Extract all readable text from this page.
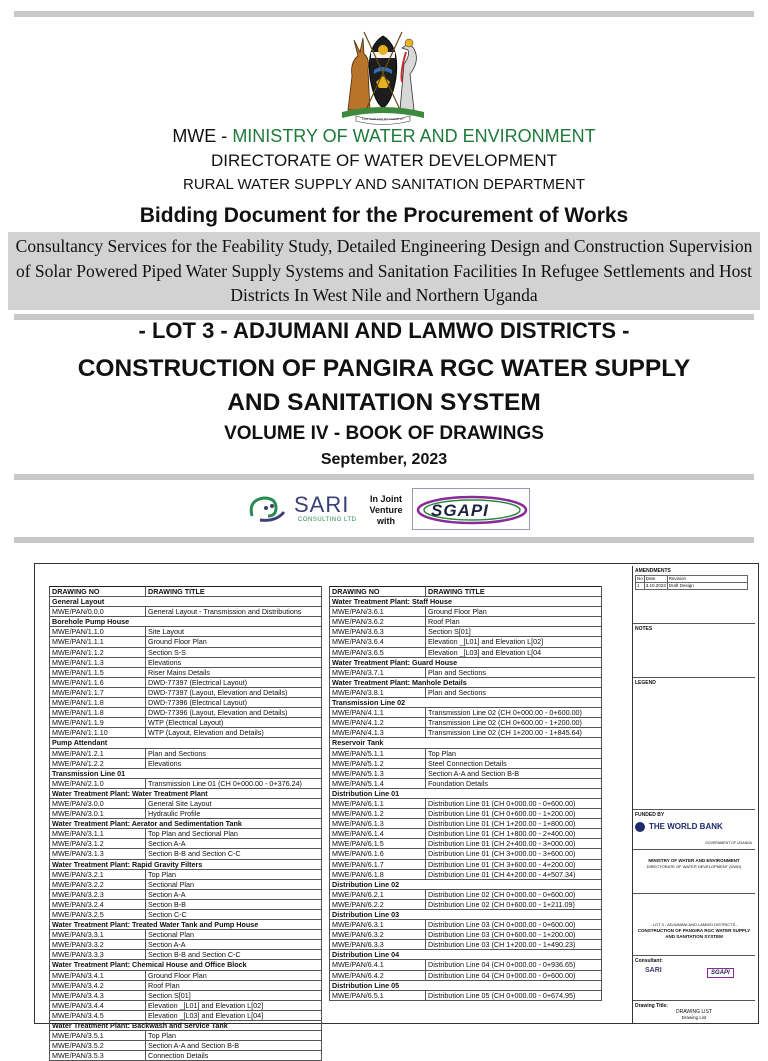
FOR GOD AND MY COUNTRY
MWE - MINISTRY OF WATER AND ENVIRONMENT
DIRECTORATE OF WATER DEVELOPMENT
RURAL WATER SUPPLY AND SANITATION DEPARTMENT
Bidding Document for the Procurement of Works
Consultancy Services for the Feability Study, Detailed Engineering Design and Construction Supervision of Solar Powered Piped Water Supply Systems and Sanitation Facilities In Refugee Settlements and Host Districts In West Nile and Northern Uganda
- LOT 3 - ADJUMANI AND LAMWO DISTRICTS -
CONSTRUCTION OF PANGIRA RGC WATER SUPPLY
AND SANITATION SYSTEM
VOLUME IV - BOOK OF DRAWINGS
September, 2023
SARI
CONSULTING LTD
In Joint Venture with
SGAPI
DRAWING NO	DRAWING TITLE
General Layout	
MWE/PAN/0.0.0	General Layout - Transmission and Distributions
Borehole Pump House	
MWE/PAN/1.1.0	Site Layout
MWE/PAN/1.1.1	Ground Floor Plan
MWE/PAN/1.1.2	Section S-S
MWE/PAN/1.1.3	Elevations
MWE/PAN/1.1.5	Riser Mains Details
MWE/PAN/1.1.6	DWD-77397 (Electrical Layout)
MWE/PAN/1.1.7	DWD-77397 (Layout, Elevation and Details)
MWE/PAN/1.1.8	DWD-77396 (Electrical Layout)
MWE/PAN/1.1.8	DWD-77396 (Layout, Elevation and Details)
MWE/PAN/1.1.9	WTP (Electrical Layout)
MWE/PAN/1.1.10	WTP (Layout, Elevation and Details)
Pump Attendant	
MWE/PAN/1.2.1	Plan and Sections
MWE/PAN/1.2.2	Elevations
Transmission Line 01	
MWE/PAN/2.1.0	Transmission Line 01 (CH 0+000.00 - 0+376.24)
Water Treatment Plant: Water Treatment Plant	
MWE/PAN/3.0.0	General Site Layout
MWE/PAN/3.0.1	Hydraulic Profile
Water Treatment Plant: Aerator and Sedimentation Tank	
MWE/PAN/3.1.1	Top Plan and Sectional Plan
MWE/PAN/3.1.2	Section A-A
MWE/PAN/3.1.3	Section B-B and Section C-C
Water Treatment Plant: Rapid Gravity Filters	
MWE/PAN/3.2.1	Top Plan
MWE/PAN/3.2.2	Sectional Plan
MWE/PAN/3.2.3	Section A-A
MWE/PAN/3.2.4	Section B-B
MWE/PAN/3.2.5	Section C-C
Water Treatment Plant: Treated Water Tank and Pump House	
MWE/PAN/3.3.1	Sectional Plan
MWE/PAN/3.3.2	Section A-A
MWE/PAN/3.3.3	Section B-B and Section C-C
Water Treatment Plant: Chemical House and Office Block	
MWE/PAN/3.4.1	Ground Floor Plan
MWE/PAN/3.4.2	Roof Plan
MWE/PAN/3.4.3	Section S[01]
MWE/PAN/3.4.4	Elevation _[L01] and Elevation L[02]
MWE/PAN/3.4.5	Elevation _[L03] and Elevation L[04]
Water Treatment Plant: Backwash and Service Tank	
MWE/PAN/3.5.1	Top Plan
MWE/PAN/3.5.2	Section A-A and Section B-B
MWE/PAN/3.5.3	Connection Details
DRAWING NO	DRAWING TITLE
Water Treatment Plant: Staff House	
MWE/PAN/3.6.1	Ground Floor Plan
MWE/PAN/3.6.2	Roof Plan
MWE/PAN/3.6.3	Section S[01]
MWE/PAN/3.6.4	Elevation _[L01] and Elevation L[02]
MWE/PAN/3.6.5	Elevation _[L03] and Elevation L[04
Water Treatment Plant: Guard House	
MWE/PAN/3.7.1	Plan and Sections
Water Treatment Plant: Manhole Details	
MWE/PAN/3.8.1	Plan and Sections
Transmission Line 02	
MWE/PAN/4.1.1	Transmission Line 02 (CH 0+000.00 - 0+600.00)
MWE/PAN/4.1.2	Transmission Line 02 (CH 0+600.00 - 1+200.00)
MWE/PAN/4.1.3	Transmission Line 02 (CH 1+200.00 - 1+845.64)
Reservoir Tank	
MWE/PAN/5.1.1	Top Plan
MWE/PAN/5.1.2	Steel Connection Details
MWE/PAN/5.1.3	Section A-A and Section B-B
MWE/PAN/5.1.4	Foundation Details
Distribution Line 01	
MWE/PAN/6.1.1	Distribution Line 01 (CH 0+000.00 - 0+600.00)
MWE/PAN/6.1.2	Distribution Line 01 (CH 0+600.00 - 1+200.00)
MWE/PAN/6.1.3	Distribution Line 01 (CH 1+200.00 - 1+800.00)
MWE/PAN/6.1.4	Distribution Line 01 (CH 1+800.00 - 2+400.00)
MWE/PAN/6.1.5	Distribution Line 01 (CH 2+400.00 - 3+000.00)
MWE/PAN/6.1.6	Distribution Line 01 (CH 3+000.00 - 3+600.00)
MWE/PAN/6.1.7	Distribution Line 01 (CH 3+600.00 - 4+200.00)
MWE/PAN/6.1.8	Distribution Line 01 (CH 4+200.00 - 4+507.34)
Distribution Line 02	
MWE/PAN/6.2.1	Distribution Line 02 (CH 0+000.00 - 0+600.00)
MWE/PAN/6.2.2	Distribution Line 02 (CH 0+600.00 - 1+211.09)
Distribution Line 03	
MWE/PAN/6.3.1	Distribution Line 03 (CH 0+000.00 - 0+600.00)
MWE/PAN/6.3.2	Distribution Line 03 (CH 0+600.00 - 1+200.00)
MWE/PAN/6.3.3	Distribution Line 03 (CH 1+200.00 - 1+490.23)
Distribution Line 04	
MWE/PAN/6.4.1	Distribution Line 04 (CH 0+000.00 - 0+936.65)
MWE/PAN/6.4.2	Distribution Line 04 (CH 0+000.00 - 0+600.00)
Distribution Line 05	
MWE/PAN/6.5.1	Distribution Line 05 (CH 0+000.00 - 0+674.95)
AMENDMENTS
No	Date	Revision
1	3.10.2023	Draft Design
NOTES
LEGEND
FUNDED BY
THE WORLD BANK
GOVERNMENT OF UGANDA
MINISTRY OF WATER AND ENVIRONMENT
DIRECTORATE OF WATER DEVELOPMENT (DWD)
- LOT 3 - ADJUMANI AND LAMWO DISTRICTS -
CONSTRUCTION OF PANGIRA RGC WATER SUPPLY AND SANITATION SYSTEM
Consultant:
SARI	SGAPI
Drawing Title:
DRAWING LIST
Drawing List
